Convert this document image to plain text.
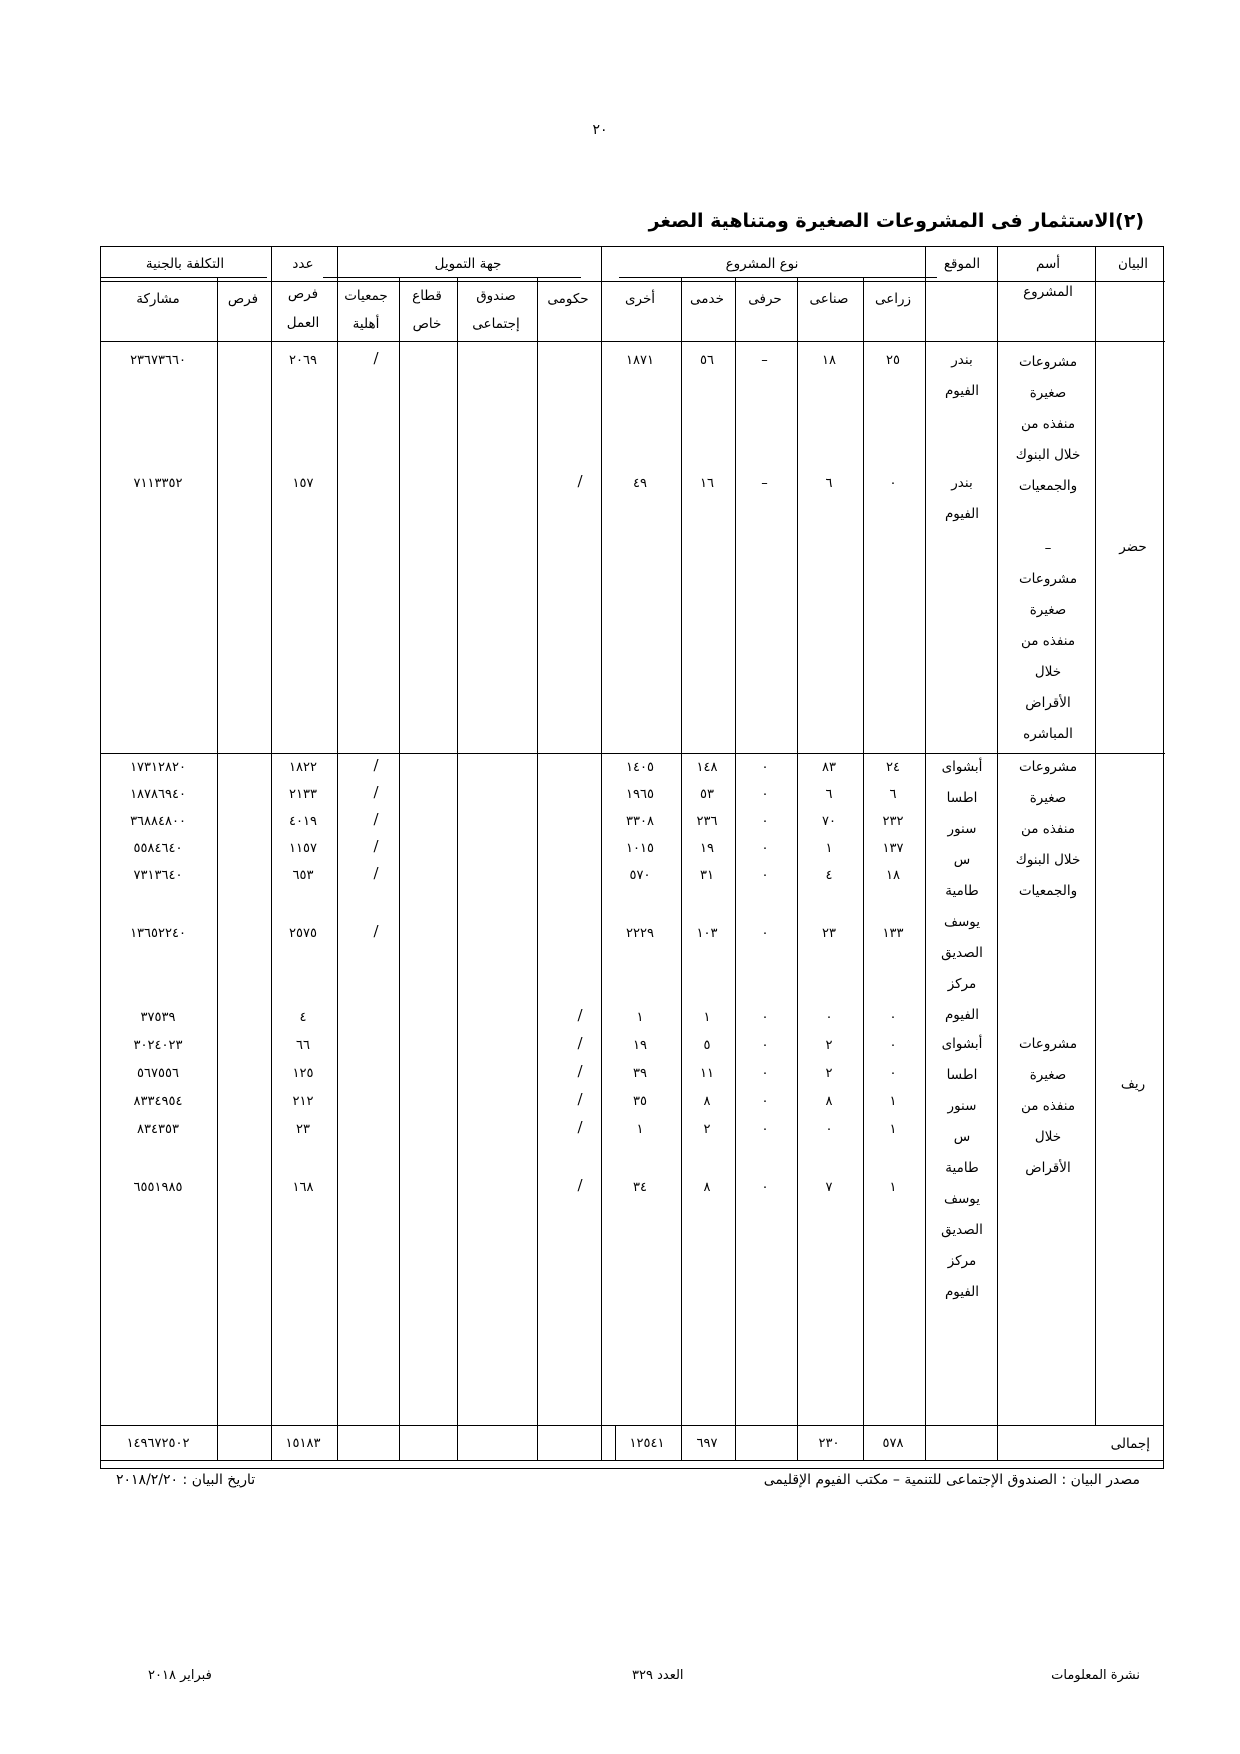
٢٠
(٢)الاستثمار فى المشروعات الصغيرة ومتناهية الصغر
البيان
أسم
المشروع
الموقع
نوع المشروع
زراعى
صناعى
حرفى
خدمى
أخرى
جهة التمويل
حكومى
صندوق إجتماعى
قطاع خاص
جمعيات أهلية
عدد
فرص
العمل
التكلفة بالجنية
فرص
مشاركة
حضر
مشروعات
صغيرة
منفذه من
خلال البنوك
والجمعيات
–
مشروعات
صغيرة
منفذه من
خلال
الأقراض
المباشره
بندر
الفيوم
٢٥
١٨
–
٥٦
١٨٧١
/
٢٠٦٩
٢٣٦٧٣٦٦٠
بندر
الفيوم
٠
٦
–
١٦
٤٩
/
١٥٧
٧١١٣٣٥٢
ريف
مشروعات
صغيرة
منفذه من
خلال البنوك
والجمعيات
مشروعات
صغيرة
منفذه من
خلال
الأقراض
أبشواى
اطسا
سنور
س
طامية
يوسف
الصديق
مركز
الفيوم
أبشواى
اطسا
سنور
س
طامية
يوسف
الصديق
مركز
الفيوم
٢٤
٨٣
٠
١٤٨
١٤٠٥
/
١٨٢٢
١٧٣١٢٨٢٠
٦
٦
٠
٥٣
١٩٦٥
/
٢١٣٣
١٨٧٨٦٩٤٠
٢٣٢
٧٠
٠
٢٣٦
٣٣٠٨
/
٤٠١٩
٣٦٨٨٤٨٠٠
١٣٧
١
٠
١٩
١٠١٥
/
١١٥٧
٥٥٨٤٦٤٠
١٨
٤
٠
٣١
٥٧٠
/
٦٥٣
٧٣١٣٦٤٠
١٣٣
٢٣
٠
١٠٣
٢٢٢٩
/
٢٥٧٥
١٣٦٥٢٢٤٠
٠
٠
٠
١
١
/
٤
٣٧٥٣٩
٠
٢
٠
٥
١٩
/
٦٦
٣٠٢٤٠٢٣
٠
٢
٠
١١
٣٩
/
١٢٥
٥٦٧٥٥٦
١
٨
٠
٨
٣٥
/
٢١٢
٨٣٣٤٩٥٤
١
٠
٠
٢
١
/
٢٣
٨٣٤٣٥٣
١
٧
٠
٨
٣٤
/
١٦٨
٦٥٥١٩٨٥
إجمالى
٥٧٨
٢٣٠
٦٩٧
١٢٥٤١
١٥١٨٣
١٤٩٦٧٢٥٠٢
مصدر البيان : الصندوق الإجتماعى للتنمية – مكتب الفيوم الإقليمى
تاريخ البيان : ٢٠١٨/٢/٢٠
نشرة المعلومات
العدد ٣٢٩
فبراير ٢٠١٨
